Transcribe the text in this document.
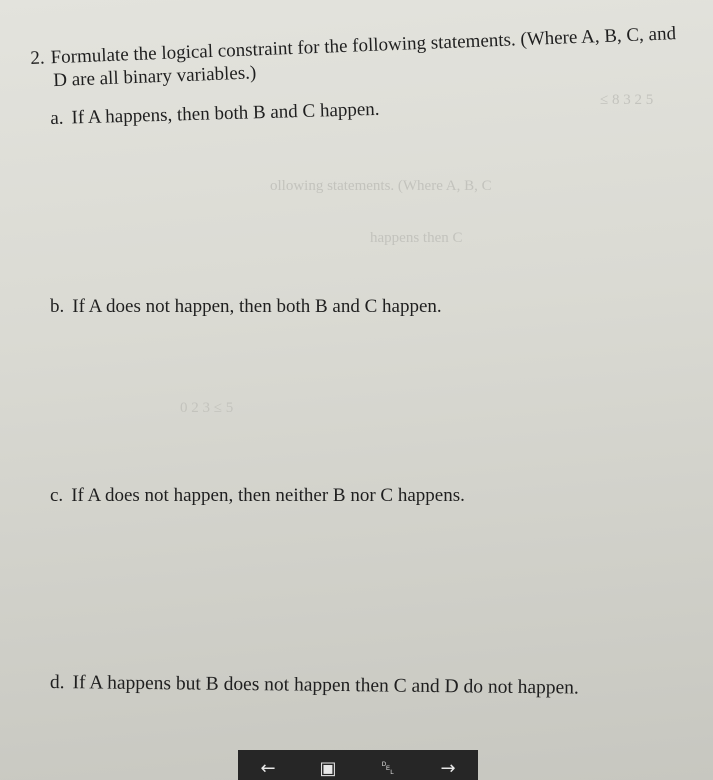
≤ 8 3 2 5
ollowing statements. (Where A, B, C
happens then C
0 2 3 ≤ 5
2. Formulate the logical constraint for the following statements. (Where A, B, C, and
D are all binary variables.)
a. If A happens, then both B and C happen.
b. If A does not happen, then both B and C happen.
c. If A does not happen, then neither B nor C happens.
d. If A happens but B does not happen then C and D do not happen.
←	▣	␡	→
